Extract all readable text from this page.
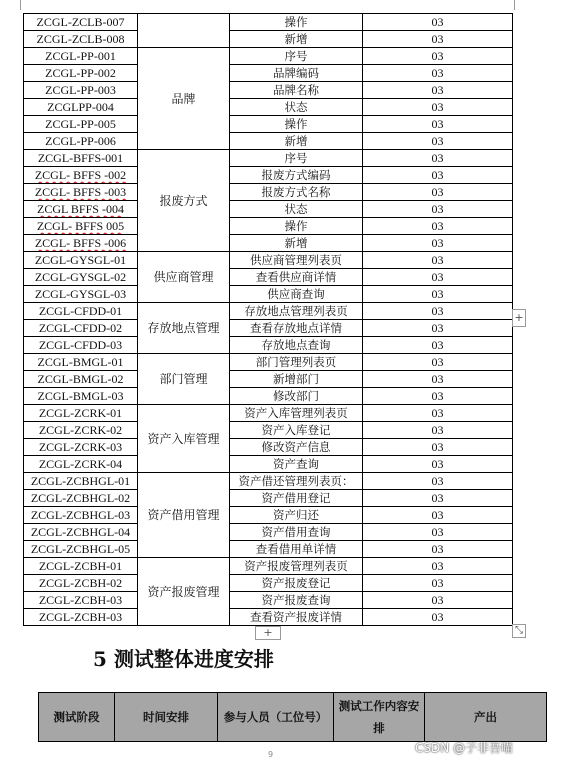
ZCGL-ZCLB-007		操作	03
ZCGL-ZCLB-008		新增	03
ZCGL-PP-001	品牌	序号	03
ZCGL-PP-002		品牌编码	03
ZCGL-PP-003		品牌名称	03
ZCGLPP-004		状态	03
ZCGL-PP-005		操作	03
ZCGL-PP-006		新增	03
ZCGL-BFFS-001	报废方式	序号	03
ZCGL- BFFS -002		报废方式编码	03
ZCGL- BFFS -003		报废方式名称	03
ZCGL BFFS -004		状态	03
ZCGL- BFFS 005		操作	03
ZCGL- BFFS -006		新增	03
ZCGL-GYSGL-01	供应商管理	供应商管理列表页	03
ZCGL-GYSGL-02		查看供应商详情	03
ZCGL-GYSGL-03		供应商查询	03
ZCGL-CFDD-01	存放地点管理	存放地点管理列表页	03
ZCGL-CFDD-02		查看存放地点详情	03
ZCGL-CFDD-03		存放地点查询	03
ZCGL-BMGL-01	部门管理	部门管理列表页	03
ZCGL-BMGL-02		新增部门	03
ZCGL-BMGL-03		修改部门	03
ZCGL-ZCRK-01	资产入库管理	资产入库管理列表页	03
ZCGL-ZCRK-02		资产入库登记	03
ZCGL-ZCRK-03		修改资产信息	03
ZCGL-ZCRK-04		资产查询	03
ZCGL-ZCBHGL-01	资产借用管理	资产借还管理列表页：	03
ZCGL-ZCBHGL-02		资产借用登记	03
ZCGL-ZCBHGL-03		资产归还	03
ZCGL-ZCBHGL-04		资产借用查询	03
ZCGL-ZCBHGL-05		查看借用单详情	03
ZCGL-ZCBH-01	资产报废管理	资产报废管理列表页	03
ZCGL-ZCBH-02		资产报废登记	03
ZCGL-ZCBH-03		资产报废查询	03
ZCGL-ZCBH-03		查看资产报废详情	03
+
+	⤡
5 测试整体进度安排
测试阶段	时间安排	参与人员（工位号）	测试工作内容安排	产出
9	CSDN @子非吾喵
